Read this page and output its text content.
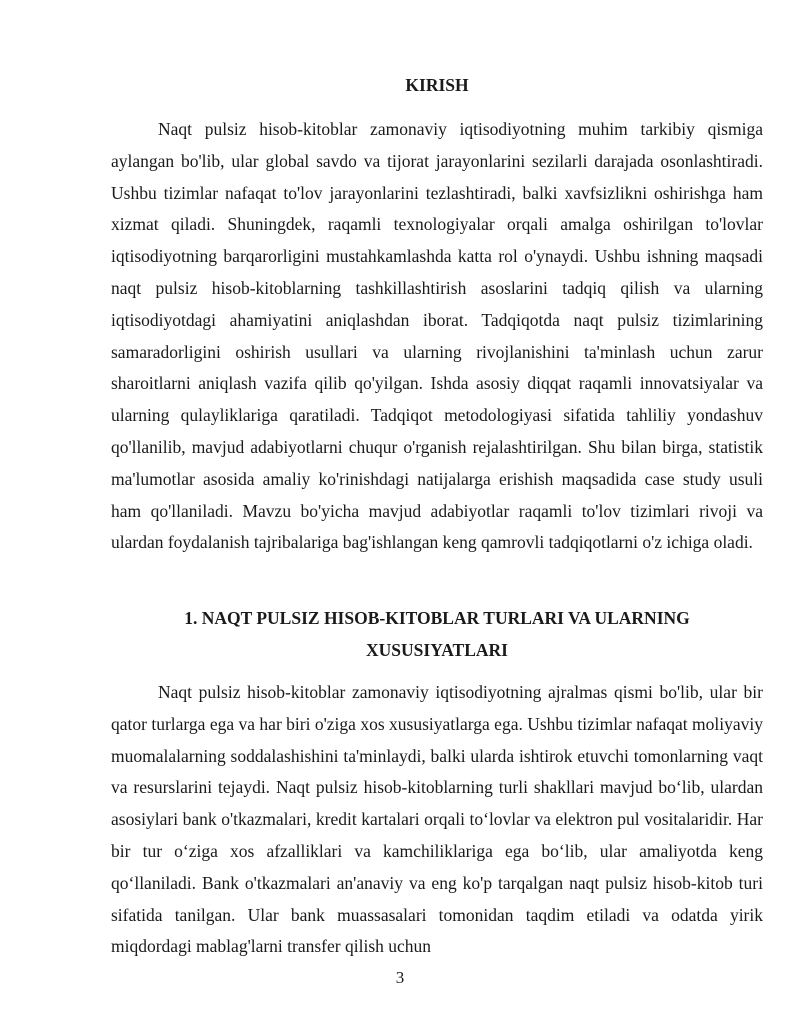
KIRISH

Naqt pulsiz hisob-kitoblar zamonaviy iqtisodiyotning muhim tarkibiy qismiga aylangan bo'lib, ular global savdo va tijorat jarayonlarini sezilarli darajada osonlashtiradi. Ushbu tizimlar nafaqat to'lov jarayonlarini tezlashtiradi, balki xavfsizlikni oshirishga ham xizmat qiladi. Shuningdek, raqamli texnologiyalar orqali amalga oshirilgan to'lovlar iqtisodiyotning barqarorligini mustahkamlashda katta rol o'ynaydi. Ushbu ishning maqsadi naqt pulsiz hisob-kitoblarning tashkillashtirish asoslarini tadqiq qilish va ularning iqtisodiyotdagi ahamiyatini aniqlashdan iborat. Tadqiqotda naqt pulsiz tizimlarining samaradorligini oshirish usullari va ularning rivojlanishini ta'minlash uchun zarur sharoitlarni aniqlash vazifa qilib qo'yilgan. Ishda asosiy diqqat raqamli innovatsiyalar va ularning qulayliklariga qaratiladi. Tadqiqot metodologiyasi sifatida tahliliy yondashuv qo'llanilib, mavjud adabiyotlarni chuqur o'rganish rejalashtirilgan. Shu bilan birga, statistik ma'lumotlar asosida amaliy ko'rinishdagi natijalarga erishish maqsadida case study usuli ham qo'llaniladi. Mavzu bo'yicha mavjud adabiyotlar raqamli to'lov tizimlari rivoji va ulardan foydalanish tajribalariga bag'ishlangan keng qamrovli tadqiqotlarni o'z ichiga oladi.

1. NAQT PULSIZ HISOB-KITOBLAR TURLARI VA ULARNING
XUSUSIYATLARI

Naqt pulsiz hisob-kitoblar zamonaviy iqtisodiyotning ajralmas qismi bo'lib, ular bir qator turlarga ega va har biri o'ziga xos xususiyatlarga ega. Ushbu tizimlar nafaqat moliyaviy muomalalarning soddalashishini ta'minlaydi, balki ularda ishtirok etuvchi tomonlarning vaqt va resurslarini tejaydi. Naqt pulsiz hisob-kitoblarning turli shakllari mavjud bo‘lib, ulardan asosiylari bank o'tkazmalari, kredit kartalari orqali to‘lovlar va elektron pul vositalaridir. Har bir tur o‘ziga xos afzalliklari va kamchiliklariga ega bo‘lib, ular amaliyotda keng qo‘llaniladi. Bank o'tkazmalari an'anaviy va eng ko'p tarqalgan naqt pulsiz hisob-kitob turi sifatida tanilgan. Ular bank muassasalari tomonidan taqdim etiladi va odatda yirik miqdordagi mablag'larni transfer qilish uchun

3
